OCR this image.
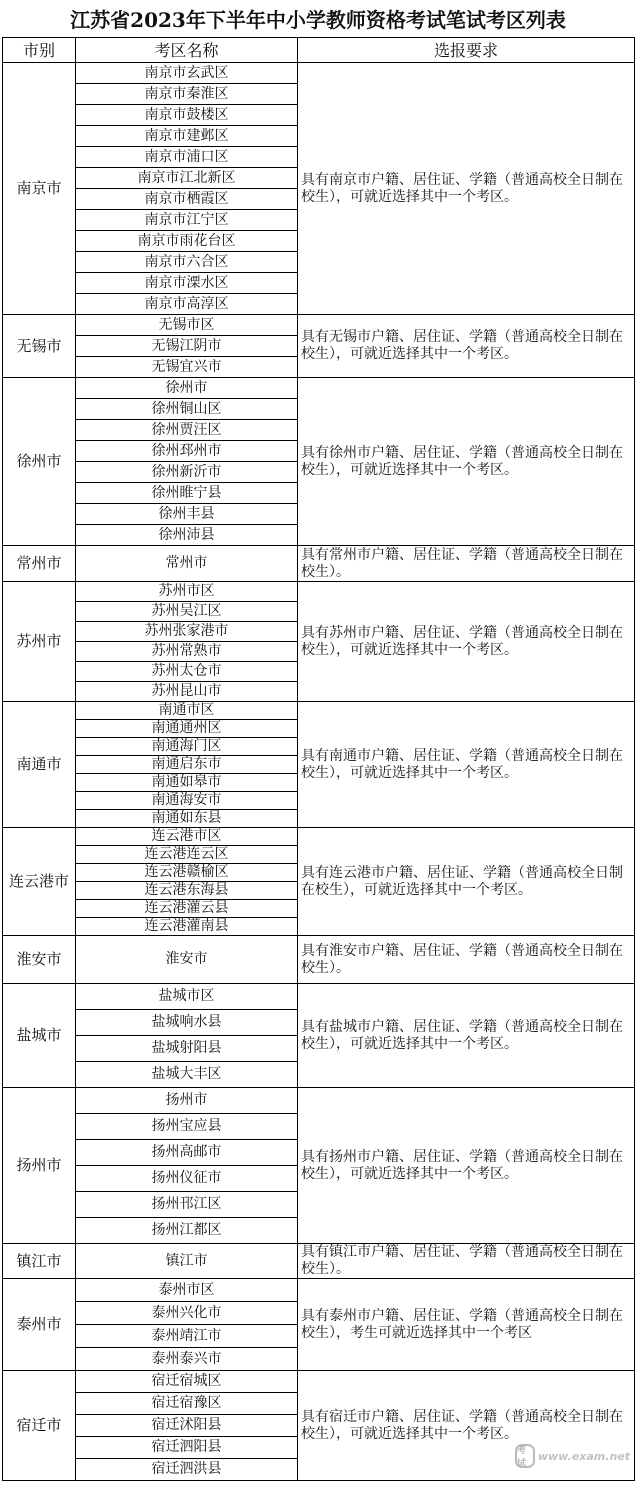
江苏省2023年下半年中小学教师资格考试笔试考区列表
市别	考区名称	选报要求
南京市	南京市玄武区	具有南京市户籍、居住证、学籍（普通高校全日制在校生），可就近选择其中一个考区。
	南京市秦淮区	
	南京市鼓楼区	
	南京市建邺区	
	南京市浦口区	
	南京市江北新区	
	南京市栖霞区	
	南京市江宁区	
	南京市雨花台区	
	南京市六合区	
	南京市溧水区	
	南京市高淳区	
无锡市	无锡市区	具有无锡市户籍、居住证、学籍（普通高校全日制在校生），可就近选择其中一个考区。
	无锡江阴市	
	无锡宜兴市	
徐州市	徐州市	具有徐州市户籍、居住证、学籍（普通高校全日制在校生），可就近选择其中一个考区。
	徐州铜山区	
	徐州贾汪区	
	徐州邳州市	
	徐州新沂市	
	徐州睢宁县	
	徐州丰县	
	徐州沛县	
常州市	常州市	具有常州市户籍、居住证、学籍（普通高校全日制在校生）。
苏州市	苏州市区	具有苏州市户籍、居住证、学籍（普通高校全日制在校生），可就近选择其中一个考区。
	苏州吴江区	
	苏州张家港市	
	苏州常熟市	
	苏州太仓市	
	苏州昆山市	
南通市	南通市区	具有南通市户籍、居住证、学籍（普通高校全日制在校生），可就近选择其中一个考区。
	南通通州区	
	南通海门区	
	南通启东市	
	南通如皋市	
	南通海安市	
	南通如东县	
连云港市	连云港市区	具有连云港市户籍、居住证、学籍（普通高校全日制在校生），可就近选择其中一个考区。
	连云港连云区	
	连云港赣榆区	
	连云港东海县	
	连云港灌云县	
	连云港灌南县	
淮安市	淮安市	具有淮安市户籍、居住证、学籍（普通高校全日制在校生）。
盐城市	盐城市区	具有盐城市户籍、居住证、学籍（普通高校全日制在校生），可就近选择其中一个考区。
	盐城响水县	
	盐城射阳县	
	盐城大丰区	
扬州市	扬州市	具有扬州市户籍、居住证、学籍（普通高校全日制在校生），可就近选择其中一个考区。
	扬州宝应县	
	扬州高邮市	
	扬州仪征市	
	扬州邗江区	
	扬州江都区	
镇江市	镇江市	具有镇江市户籍、居住证、学籍（普通高校全日制在校生）。
泰州市	泰州市区	具有泰州市户籍、居住证、学籍（普通高校全日制在校生），考生可就近选择其中一个考区
	泰州兴化市	
	泰州靖江市	
	泰州泰兴市	
宿迁市	宿迁宿城区	具有宿迁市户籍、居住证、学籍（普通高校全日制在校生），可就近选择其中一个考区。
	宿迁宿豫区	
	宿迁沭阳县	
	宿迁泗阳县	
	宿迁泗洪县	
考试
www.exam.net
